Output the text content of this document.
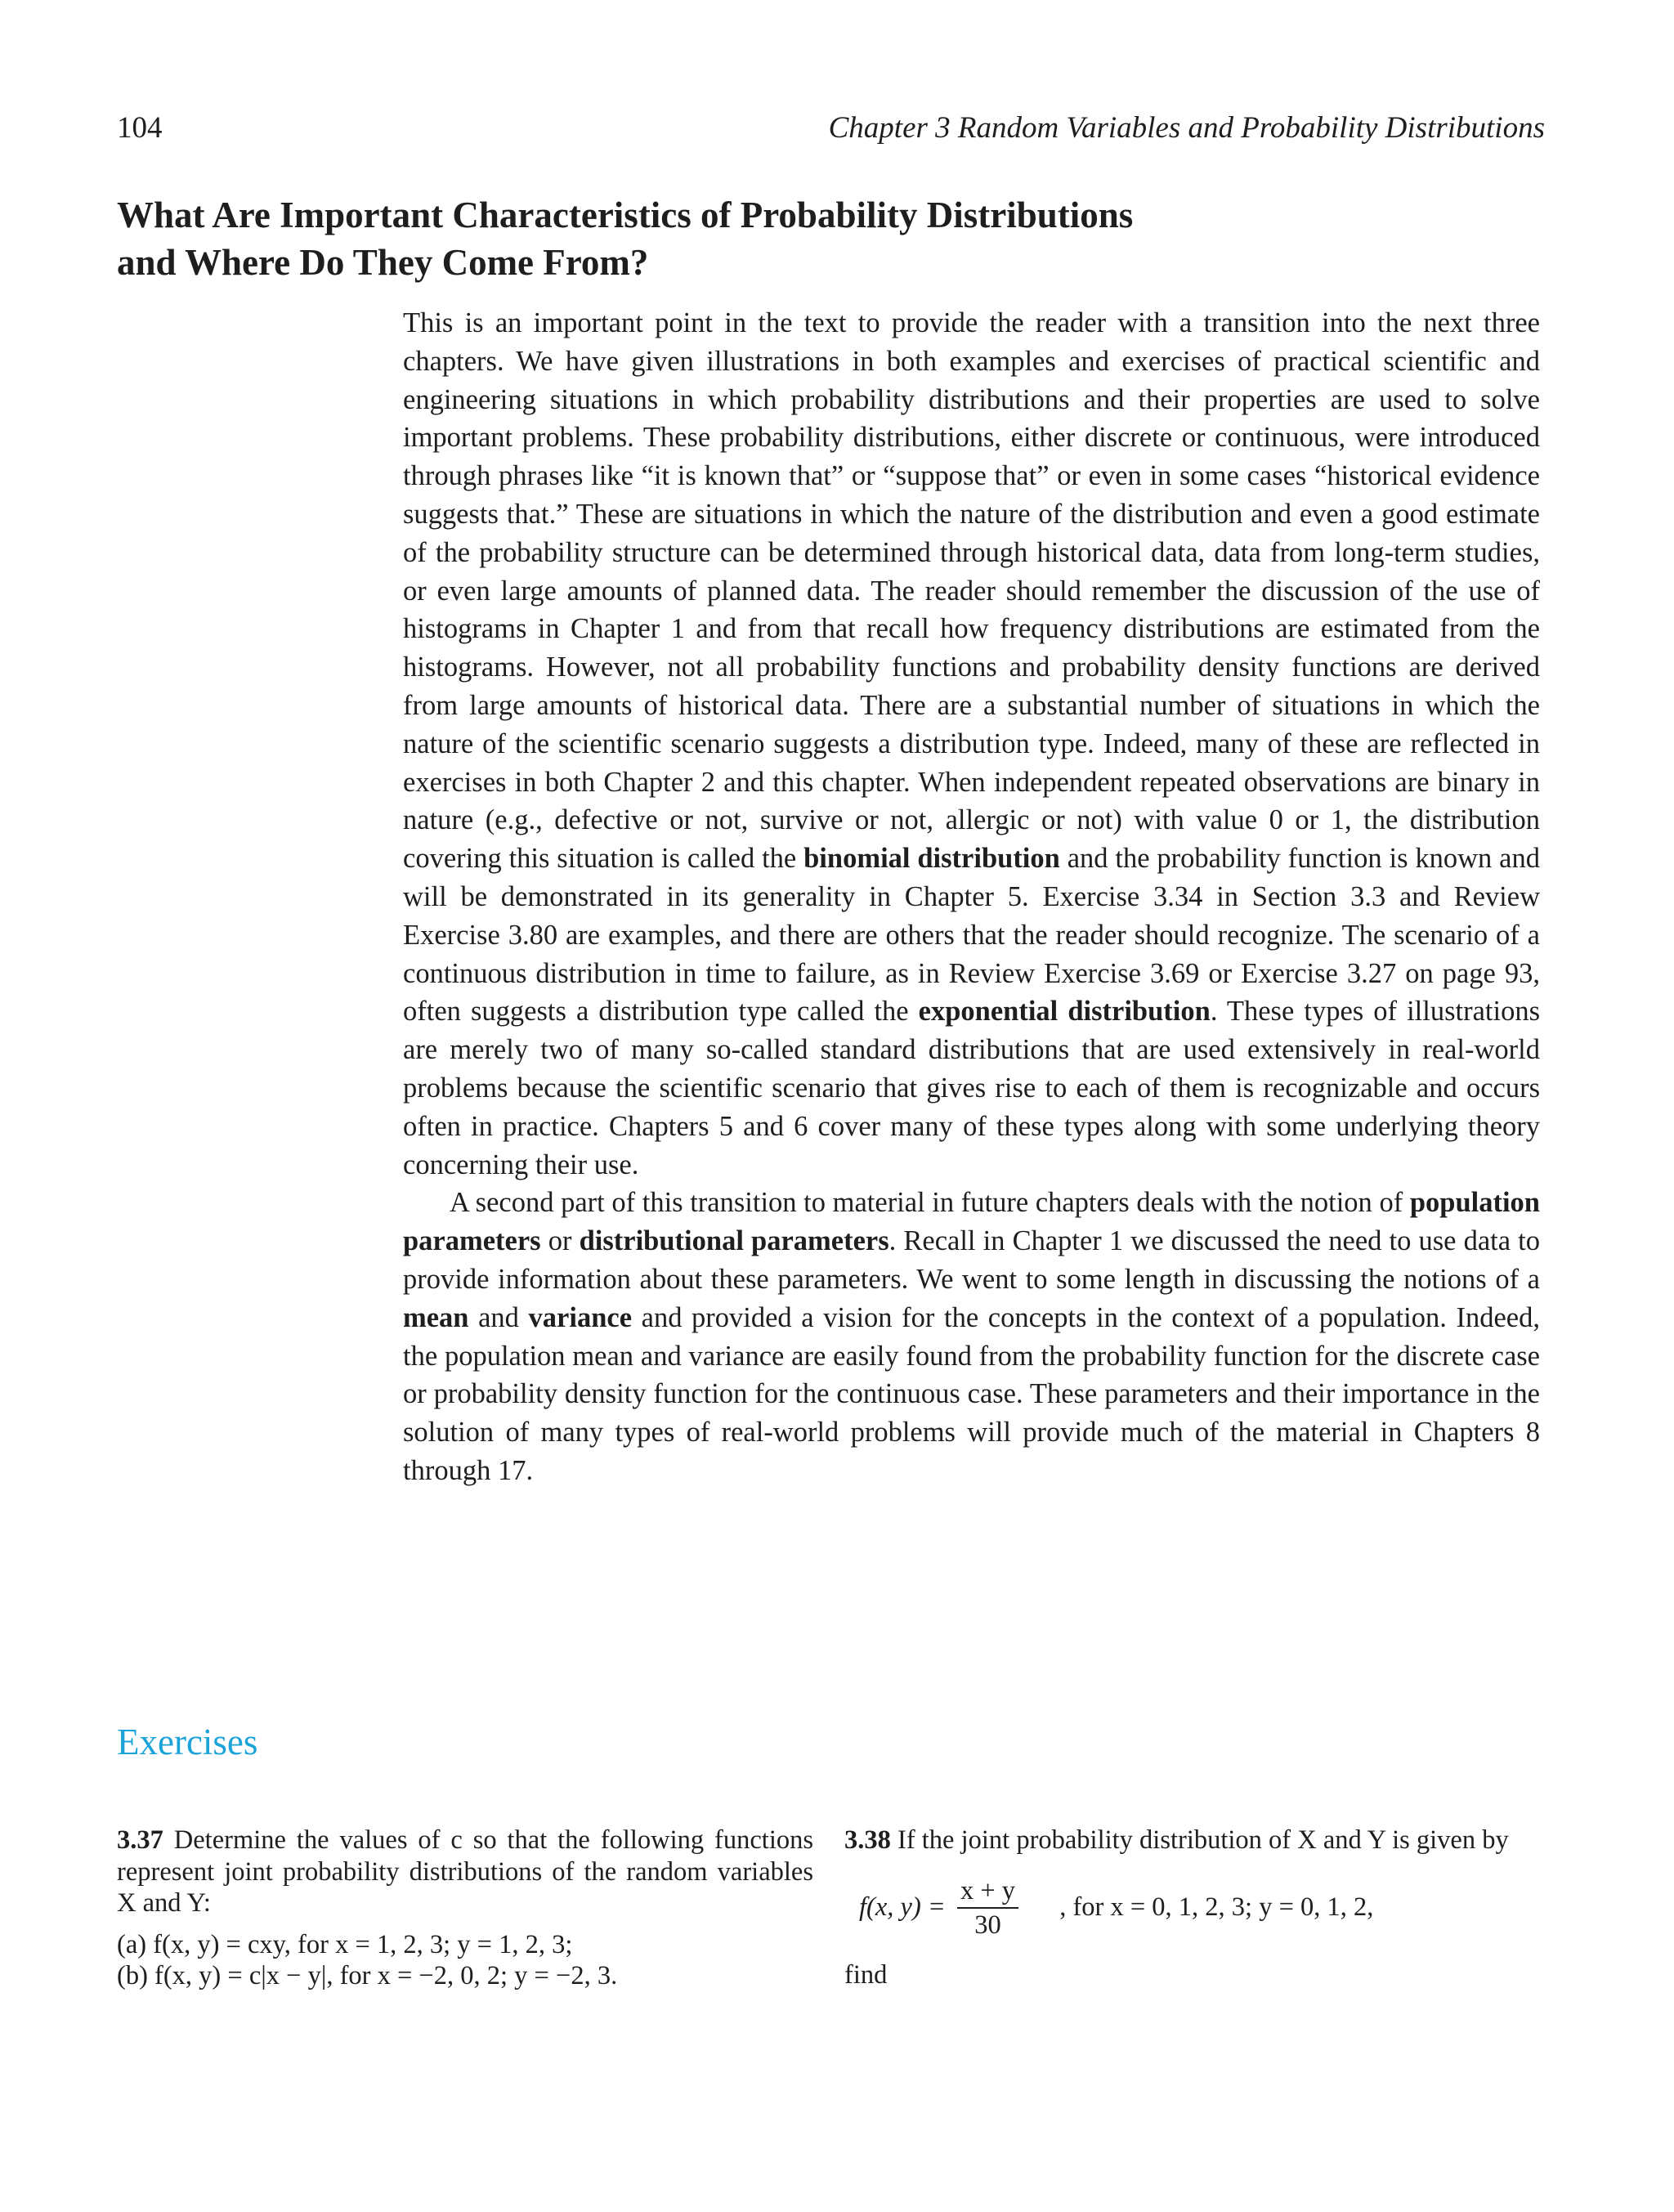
104	Chapter 3 Random Variables and Probability Distributions
What Are Important Characteristics of Probability Distributions
and Where Do They Come From?

This is an important point in the text to provide the reader with a transition into the next three chapters. We have given illustrations in both examples and exercises of practical scientific and engineering situations in which probability distributions and their properties are used to solve important problems. These probability distributions, either discrete or continuous, were introduced through phrases like “it is known that” or “suppose that” or even in some cases “historical evidence suggests that.” These are situations in which the nature of the distribution and even a good estimate of the probability structure can be determined through historical data, data from long-term studies, or even large amounts of planned data. The reader should remember the discussion of the use of histograms in Chapter 1 and from that recall how frequency distributions are estimated from the histograms. However, not all probability functions and probability density functions are derived from large amounts of historical data. There are a substantial number of situations in which the nature of the scientific scenario suggests a distribution type. Indeed, many of these are reflected in exercises in both Chapter 2 and this chapter. When independent repeated observations are binary in nature (e.g., defective or not, survive or not, allergic or not) with value 0 or 1, the distribution covering this situation is called the binomial distribution and the probability function is known and will be demonstrated in its generality in Chapter 5. Exercise 3.34 in Section 3.3 and Review Exercise 3.80 are examples, and there are others that the reader should recognize. The scenario of a continuous distribution in time to failure, as in Review Exercise 3.69 or Exercise 3.27 on page 93, often suggests a distribution type called the exponential distribution. These types of illustrations are merely two of many so-called standard distributions that are used extensively in real-world problems because the scientific scenario that gives rise to each of them is recognizable and occurs often in practice. Chapters 5 and 6 cover many of these types along with some underlying theory concerning their use.

A second part of this transition to material in future chapters deals with the notion of population parameters or distributional parameters. Recall in Chapter 1 we discussed the need to use data to provide information about these parameters. We went to some length in discussing the notions of a mean and variance and provided a vision for the concepts in the context of a population. Indeed, the population mean and variance are easily found from the probability function for the discrete case or probability density function for the continuous case. These parameters and their importance in the solution of many types of real-world problems will provide much of the material in Chapters 8 through 17.

Exercises

3.37 Determine the values of c so that the following functions represent joint probability distributions of the random variables X and Y:

(a) f(x, y) = cxy, for x = 1, 2, 3; y = 1, 2, 3;

(b) f(x, y) = c|x − y|, for x = −2, 0, 2; y = −2, 3.

3.38 If the joint probability distribution of X and Y is given by

f(x, $y) = \frac{x + y}{30}$ , for x = 0, 1, 2, 3; y = 0, 1, 2,

find
